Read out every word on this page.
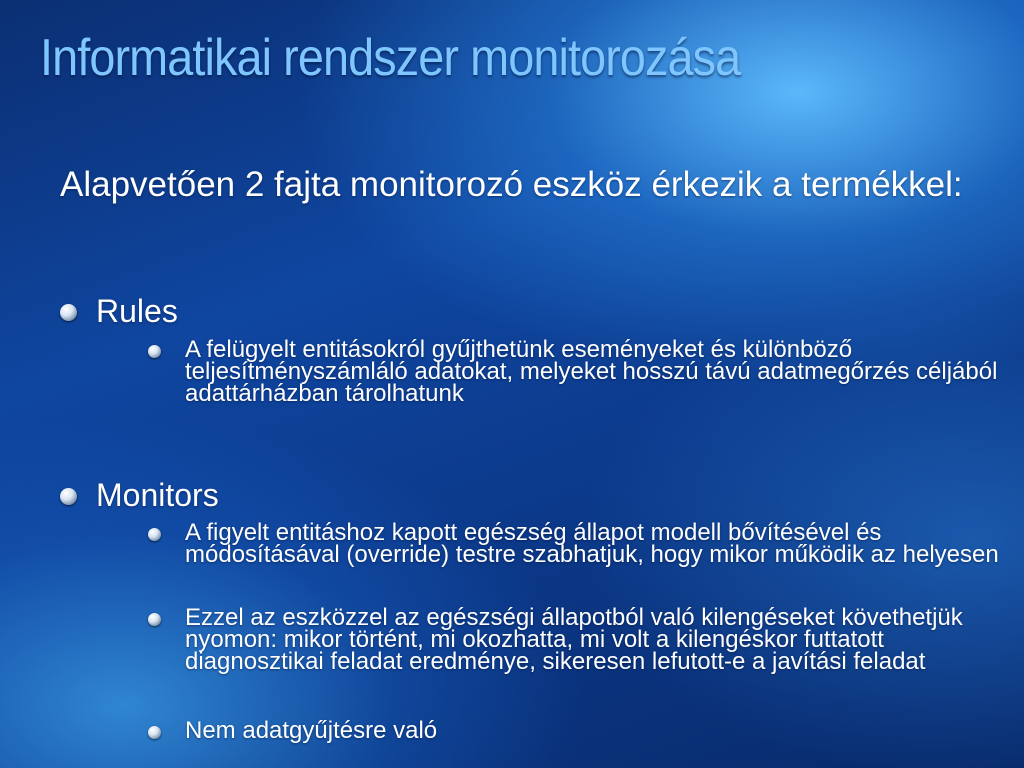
Informatikai rendszer monitorozása
Alapvetően 2 fajta monitorozó eszköz érkezik a termékkel:
Rules
A felügyelt entitásokról gyűjthetünk eseményeket és különböző teljesítményszámláló adatokat, melyeket hosszú távú adatmegőrzés céljából adattárházban tárolhatunk
Monitors
A figyelt entitáshoz kapott egészség állapot modell bővítésével és módosításával (override) testre szabhatjuk, hogy mikor működik az helyesen
Ezzel az eszközzel az egészségi állapotból való kilengéseket követhetjük nyomon: mikor történt, mi okozhatta, mi volt a kilengéskor futtatott diagnosztikai feladat eredménye, sikeresen lefutott-e a javítási feladat
Nem adatgyűjtésre való
